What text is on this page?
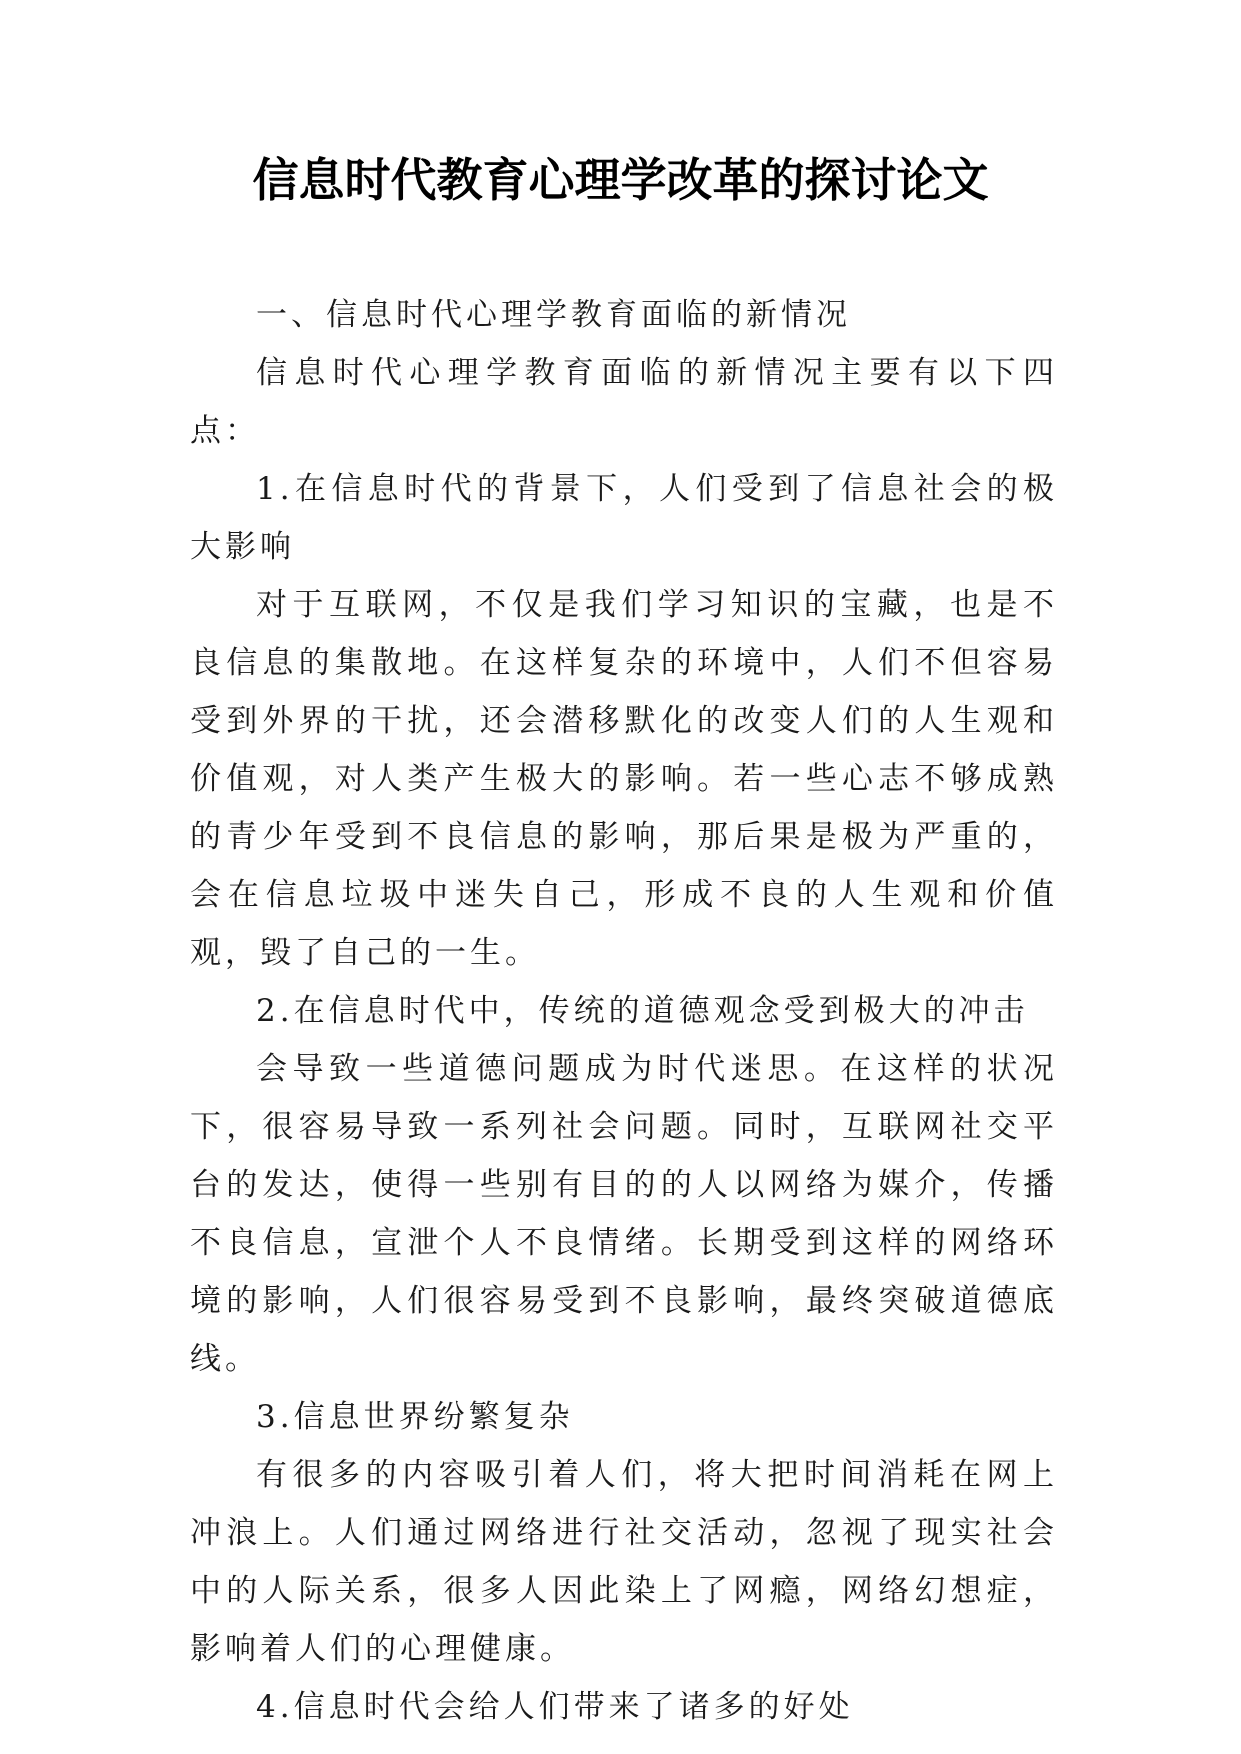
信息时代教育心理学改革的探讨论文

一、信息时代心理学教育面临的新情况

信息时代心理学教育面临的新情况主要有以下四点：

1.在信息时代的背景下，人们受到了信息社会的极大影响

对于互联网，不仅是我们学习知识的宝藏，也是不良信息的集散地。在这样复杂的环境中，人们不但容易受到外界的干扰，还会潜移默化的改变人们的人生观和价值观，对人类产生极大的影响。若一些心志不够成熟的青少年受到不良信息的影响，那后果是极为严重的，会在信息垃圾中迷失自己，形成不良的人生观和价值观，毁了自己的一生。

2.在信息时代中，传统的道德观念受到极大的冲击

会导致一些道德问题成为时代迷思。在这样的状况下，很容易导致一系列社会问题。同时，互联网社交平台的发达，使得一些别有目的的人以网络为媒介，传播不良信息，宣泄个人不良情绪。长期受到这样的网络环境的影响，人们很容易受到不良影响，最终突破道德底线。

3.信息世界纷繁复杂

有很多的内容吸引着人们，将大把时间消耗在网上冲浪上。人们通过网络进行社交活动，忽视了现实社会中的人际关系，很多人因此染上了网瘾，网络幻想症，影响着人们的心理健康。

4.信息时代会给人们带来了诸多的好处
